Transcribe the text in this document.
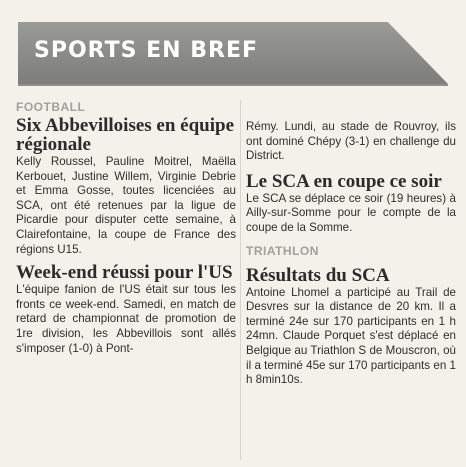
SPORTS EN BREF
FOOTBALL
Six Abbevilloises en équipe régionale
Kelly Roussel, Pauline Moitrel, Maëlla Kerbouet, Justine Willem, Virginie Debrie et Emma Gosse, toutes licenciées au SCA, ont été retenues par la ligue de Picardie pour disputer cette semaine, à Clairefontaine, la coupe de France des régions U15.
Week-end réussi pour l'US
L'équipe fanion de l'US était sur tous les fronts ce week-end. Samedi, en match de retard de championnat de promotion de 1re division, les Abbevillois sont allés s'imposer (1-0) à Pont-
Rémy. Lundi, au stade de Rouvroy, ils ont dominé Chépy (3-1) en challenge du District.
Le SCA en coupe ce soir
Le SCA se déplace ce soir (19 heures) à Ailly-sur-Somme pour le compte de la coupe de la Somme.
TRIATHLON
Résultats du SCA
Antoine Lhomel a participé au Trail de Desvres sur la distance de 20 km. Il a terminé 24e sur 170 participants en 1 h 24mn. Claude Porquet s'est déplacé en Belgique au Triathlon S de Mouscron, où il a terminé 45e sur 170 participants en 1 h 8min10s.
